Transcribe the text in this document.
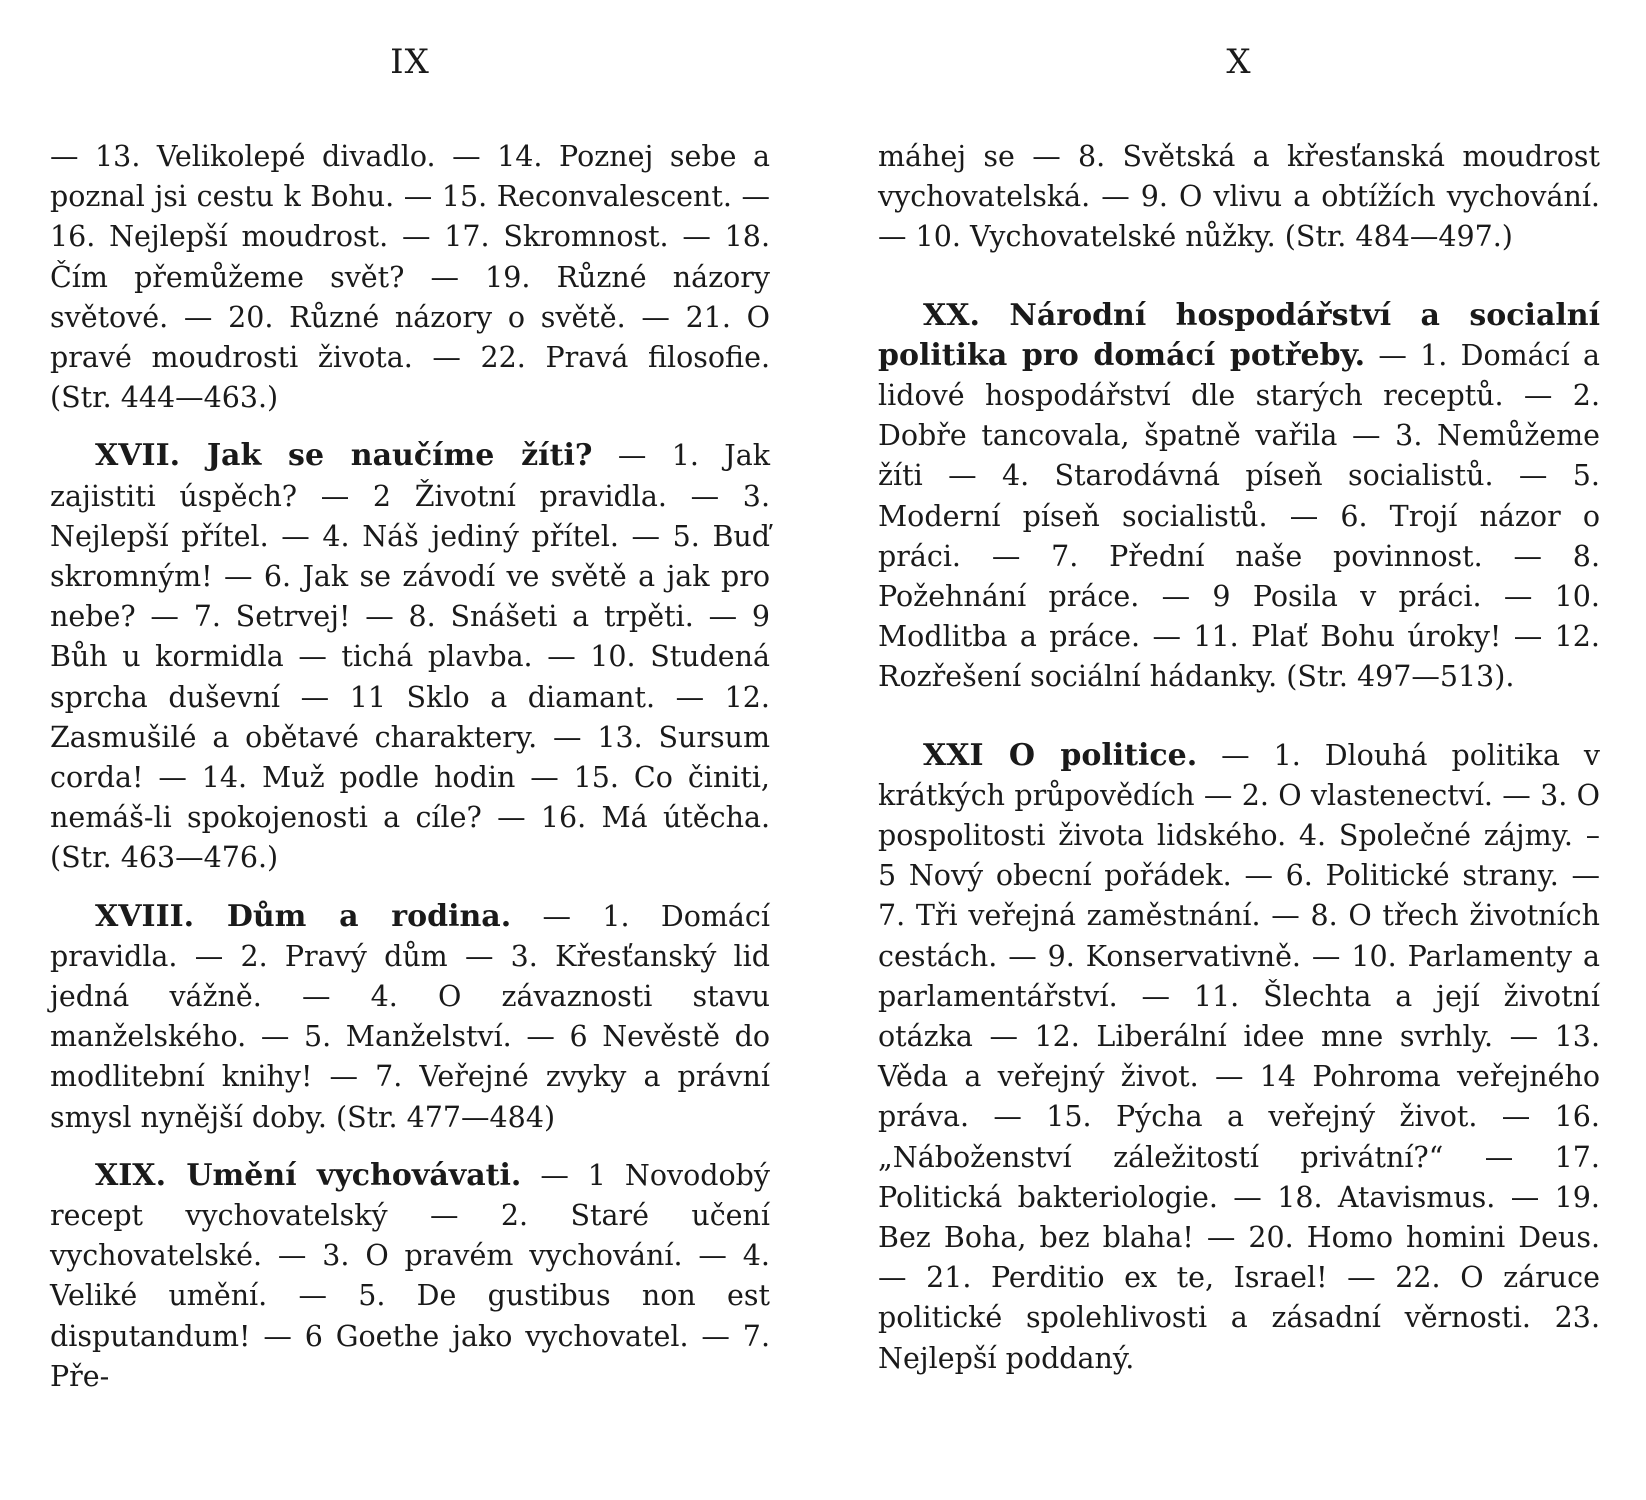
IX

— 13. Velikolepé divadlo. — 14. Poznej sebe a poznal jsi cestu k Bohu. — 15. Reconvalescent. — 16. Nejlepší moudrost. — 17. Skromnost. — 18. Čím přemůžeme svět? — 19. Různé názory světové. — 20. Různé názory o světě. — 21. O pravé moudrosti života. — 22. Pravá filosofie. (Str. 444—463.)

XVII. Jak se naučíme žíti? — 1. Jak zajistiti úspěch? — 2 Životní pravidla. — 3. Nejlepší přítel. — 4. Náš jediný přítel. — 5. Buď skromným! — 6. Jak se závodí ve světě a jak pro nebe? — 7. Setrvej! — 8. Snášeti a trpěti. — 9 Bůh u kormidla — tichá plavba. — 10. Studená sprcha duševní — 11 Sklo a diamant. — 12. Zasmušilé a obětavé charaktery. — 13. Sursum corda! — 14. Muž podle hodin — 15. Co činiti, nemáš-li spokojenosti a cíle? — 16. Má útěcha. (Str. 463—476.)

XVIII. Dům a rodina. — 1. Domácí pravidla. — 2. Pravý dům — 3. Křesťanský lid jedná vážně. — 4. O závaznosti stavu manželského. — 5. Manželství. — 6 Nevěstě do modlitební knihy! — 7. Veřejné zvyky a právní smysl nynější doby. (Str. 477—484)

XIX. Umění vychovávati. — 1 Novodobý recept vychovatelský — 2. Staré učení vychovatelské. — 3. O pravém vychování. — 4. Veliké umění. — 5. De gustibus non est disputandum! — 6 Goethe jako vychovatel. — 7. Pře-

X

máhej se — 8. Světská a křesťanská moudrost vychovatelská. — 9. O vlivu a obtížích vychování. — 10. Vychovatelské nůžky. (Str. 484—497.)

XX. Národní hospodářství a socialní politika pro domácí potřeby. — 1. Domácí a lidové hospodářství dle starých receptů. — 2. Dobře tancovala, špatně vařila — 3. Nemůžeme žíti — 4. Starodávná píseň socialistů. — 5. Moderní píseň socialistů. — 6. Trojí názor o práci. — 7. Přední naše povinnost. — 8. Požehnání práce. — 9 Posila v práci. — 10. Modlitba a práce. — 11. Plať Bohu úroky! — 12. Rozřešení sociální hádanky. (Str. 497—513).

XXI O politice. — 1. Dlouhá politika v krátkých průpovědích — 2. O vlastenectví. — 3. O pospolitosti života lidského. 4. Společné zájmy. – 5 Nový obecní pořádek. — 6. Politické strany. — 7. Tři veřejná zaměstnání. — 8. O třech životních cestách. — 9. Konservativně. — 10. Parlamenty a parlamentářství. — 11. Šlechta a její životní otázka — 12. Liberální idee mne svrhly. — 13. Věda a veřejný život. — 14 Pohroma veřejného práva. — 15. Pýcha a veřejný život. — 16. „Náboženství záležitostí privátní?“ — 17. Politická bakteriologie. — 18. Atavismus. — 19. Bez Boha, bez blaha! — 20. Homo homini Deus. — 21. Perditio ex te, Israel! — 22. O záruce politické spolehlivosti a zásadní věrnosti. 23. Nejlepší poddaný.
